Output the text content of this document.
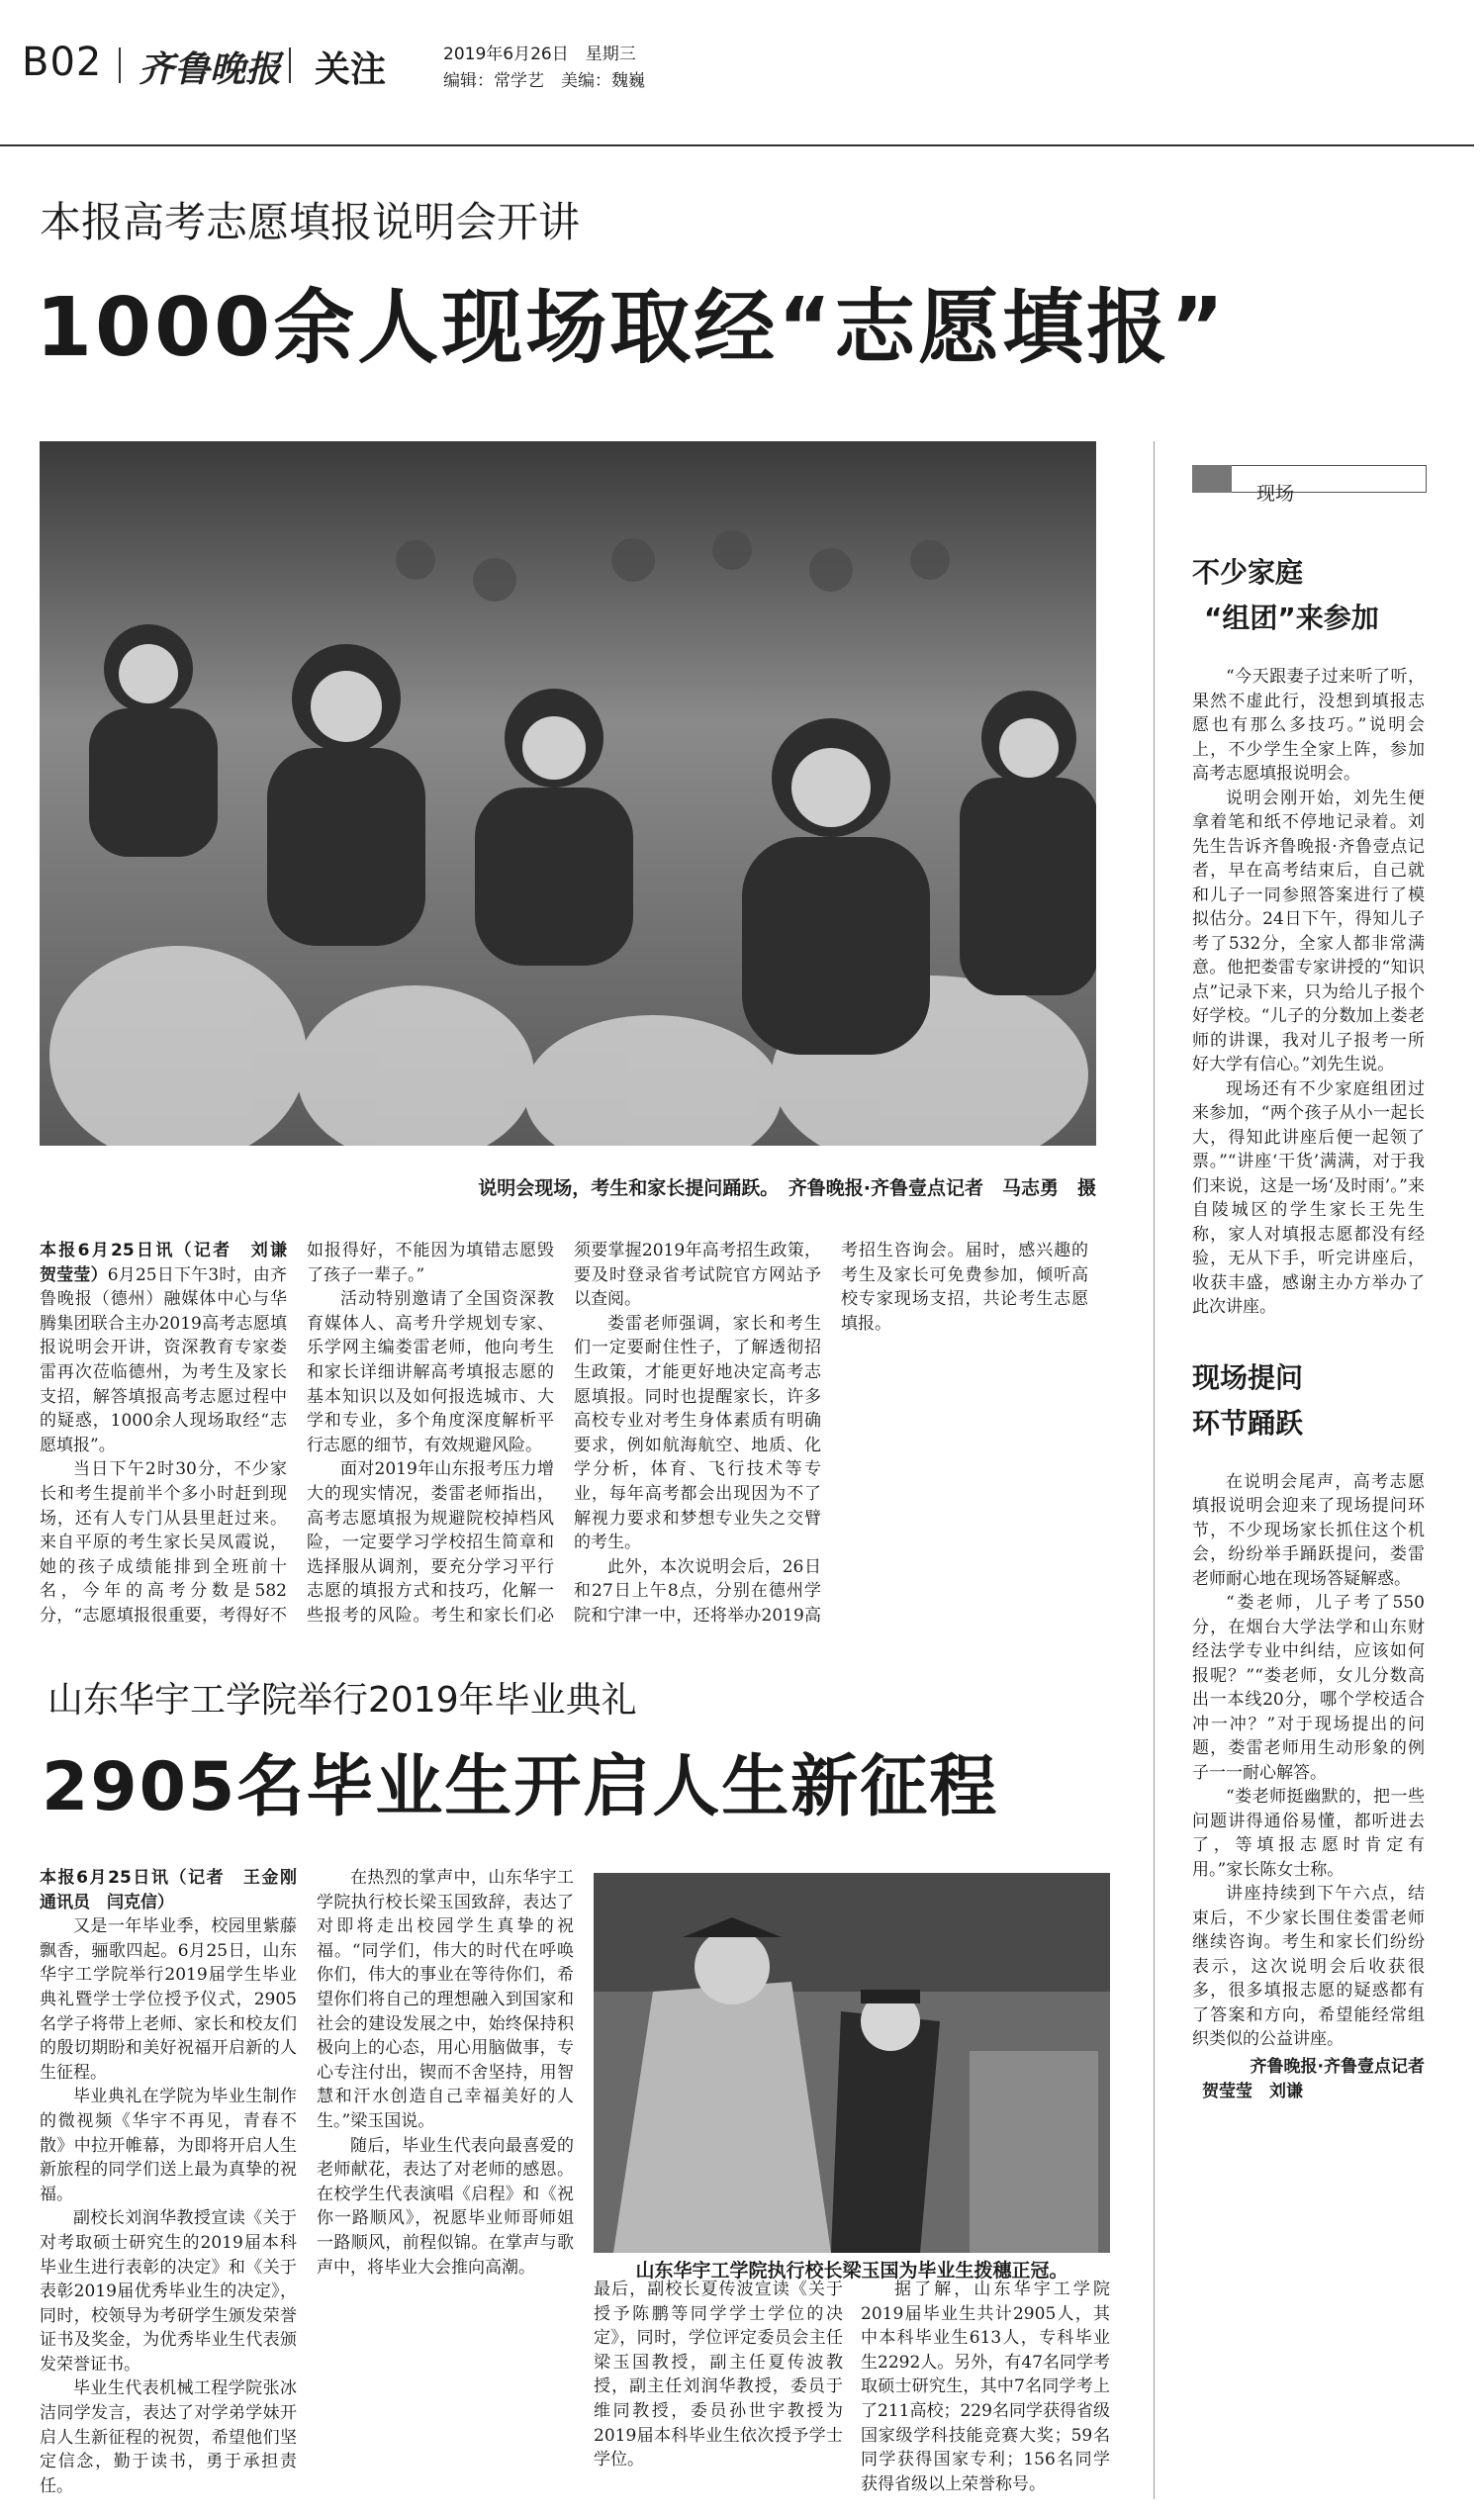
B02 齐鲁晚报 关注	2019年6月26日　星期三
编辑：常学艺　美编：魏巍
本报高考志愿填报说明会开讲
1000余人现场取经“志愿填报”
说明会现场，考生和家长提问踊跃。　齐鲁晚报·齐鲁壹点记者　马志勇　摄

本报6月25日讯（记者　刘谦　贺莹莹）6月25日下午3时，由齐鲁晚报（德州）融媒体中心与华腾集团联合主办2019高考志愿填报说明会开讲，资深教育专家娄雷再次莅临德州，为考生及家长支招，解答填报高考志愿过程中的疑惑，1000余人现场取经“志愿填报”。

当日下午2时30分，不少家长和考生提前半个多小时赶到现场，还有人专门从县里赶过来。来自平原的考生家长吴凤霞说，她的孩子成绩能排到全班前十名，今年的高考分数是582分，“志愿填报很重要，考得好不如报得好，不能因为填错志愿毁了孩子一辈子。”

活动特别邀请了全国资深教育媒体人、高考升学规划专家、乐学网主编娄雷老师，他向考生和家长详细讲解高考填报志愿的基本知识以及如何报选城市、大学和专业，多个角度深度解析平行志愿的细节，有效规避风险。

面对2019年山东报考压力增大的现实情况，娄雷老师指出，高考志愿填报为规避院校掉档风险，一定要学习学校招生简章和选择服从调剂，要充分学习平行志愿的填报方式和技巧，化解一些报考的风险。考生和家长们必须要掌握2019年高考招生政策，要及时登录省考试院官方网站予以查阅。

娄雷老师强调，家长和考生们一定要耐住性子，了解透彻招生政策，才能更好地决定高考志愿填报。同时也提醒家长，许多高校专业对考生身体素质有明确要求，例如航海航空、地质、化学分析，体育、飞行技术等专业，每年高考都会出现因为不了解视力要求和梦想专业失之交臂的考生。

此外，本次说明会后，26日和27日上午8点，分别在德州学院和宁津一中，还将举办2019高考招生咨询会。届时，感兴趣的考生及家长可免费参加，倾听高校专家现场支招，共论考生志愿填报。

现场
不少家庭
“组团”来参加

“今天跟妻子过来听了听，果然不虚此行，没想到填报志愿也有那么多技巧。”说明会上，不少学生全家上阵，参加高考志愿填报说明会。

说明会刚开始，刘先生便拿着笔和纸不停地记录着。刘先生告诉齐鲁晚报·齐鲁壹点记者，早在高考结束后，自己就和儿子一同参照答案进行了模拟估分。24日下午，得知儿子考了532分，全家人都非常满意。他把娄雷专家讲授的“知识点”记录下来，只为给儿子报个好学校。“儿子的分数加上娄老师的讲课，我对儿子报考一所好大学有信心。”刘先生说。

现场还有不少家庭组团过来参加，“两个孩子从小一起长大，得知此讲座后便一起领了票。”“讲座‘干货’满满，对于我们来说，这是一场‘及时雨’。”来自陵城区的学生家长王先生称，家人对填报志愿都没有经验，无从下手，听完讲座后，收获丰盛，感谢主办方举办了此次讲座。

现场提问
环节踊跃

在说明会尾声，高考志愿填报说明会迎来了现场提问环节，不少现场家长抓住这个机会，纷纷举手踊跃提问，娄雷老师耐心地在现场答疑解惑。

“娄老师，儿子考了550分，在烟台大学法学和山东财经法学专业中纠结，应该如何报呢？”“娄老师，女儿分数高出一本线20分，哪个学校适合冲一冲？”对于现场提出的问题，娄雷老师用生动形象的例子一一耐心解答。

“娄老师挺幽默的，把一些问题讲得通俗易懂，都听进去了，等填报志愿时肯定有用。”家长陈女士称。

讲座持续到下午六点，结束后，不少家长围住娄雷老师继续咨询。考生和家长们纷纷表示，这次说明会后收获很多，很多填报志愿的疑惑都有了答案和方向，希望能经常组织类似的公益讲座。

齐鲁晚报·齐鲁壹点记者
贺莹莹　刘谦
山东华宇工学院举行2019年毕业典礼
2905名毕业生开启人生新征程

本报6月25日讯（记者　王金刚　通讯员　闫克信）

又是一年毕业季，校园里紫藤飘香，骊歌四起。6月25日，山东华宇工学院举行2019届学生毕业典礼暨学士学位授予仪式，2905名学子将带上老师、家长和校友们的殷切期盼和美好祝福开启新的人生征程。

毕业典礼在学院为毕业生制作的微视频《华宇不再见，青春不散》中拉开帷幕，为即将开启人生新旅程的同学们送上最为真挚的祝福。

副校长刘润华教授宣读《关于对考取硕士研究生的2019届本科毕业生进行表彰的决定》和《关于表彰2019届优秀毕业生的决定》，同时，校领导为考研学生颁发荣誉证书及奖金，为优秀毕业生代表颁发荣誉证书。

毕业生代表机械工程学院张冰洁同学发言，表达了对学弟学妹开启人生新征程的祝贺，希望他们坚定信念，勤于读书，勇于承担责任。

在热烈的掌声中，山东华宇工学院执行校长梁玉国致辞，表达了对即将走出校园学生真挚的祝福。“同学们，伟大的时代在呼唤你们，伟大的事业在等待你们，希望你们将自己的理想融入到国家和社会的建设发展之中，始终保持积极向上的心态，用心用脑做事，专心专注付出，锲而不舍坚持，用智慧和汗水创造自己幸福美好的人生。”梁玉国说。

随后，毕业生代表向最喜爱的老师献花，表达了对老师的感恩。在校学生代表演唱《启程》和《祝你一路顺风》，祝愿毕业师哥师姐一路顺风，前程似锦。在掌声与歌声中，将毕业大会推向高潮。	山东华宇工学院执行校长梁玉国为毕业生拨穗正冠。

最后，副校长夏传波宣读《关于授予陈鹏等同学学士学位的决定》，同时，学位评定委员会主任梁玉国教授，副主任夏传波教授，副主任刘润华教授，委员于维同教授，委员孙世宇教授为2019届本科毕业生依次授予学士学位。

据了解，山东华宇工学院2019届毕业生共计2905人，其中本科毕业生613人，专科毕业生2292人。另外，有47名同学考取硕士研究生，其中7名同学考上了211高校；229名同学获得省级国家级学科技能竞赛大奖；59名同学获得国家专利；156名同学获得省级以上荣誉称号。
